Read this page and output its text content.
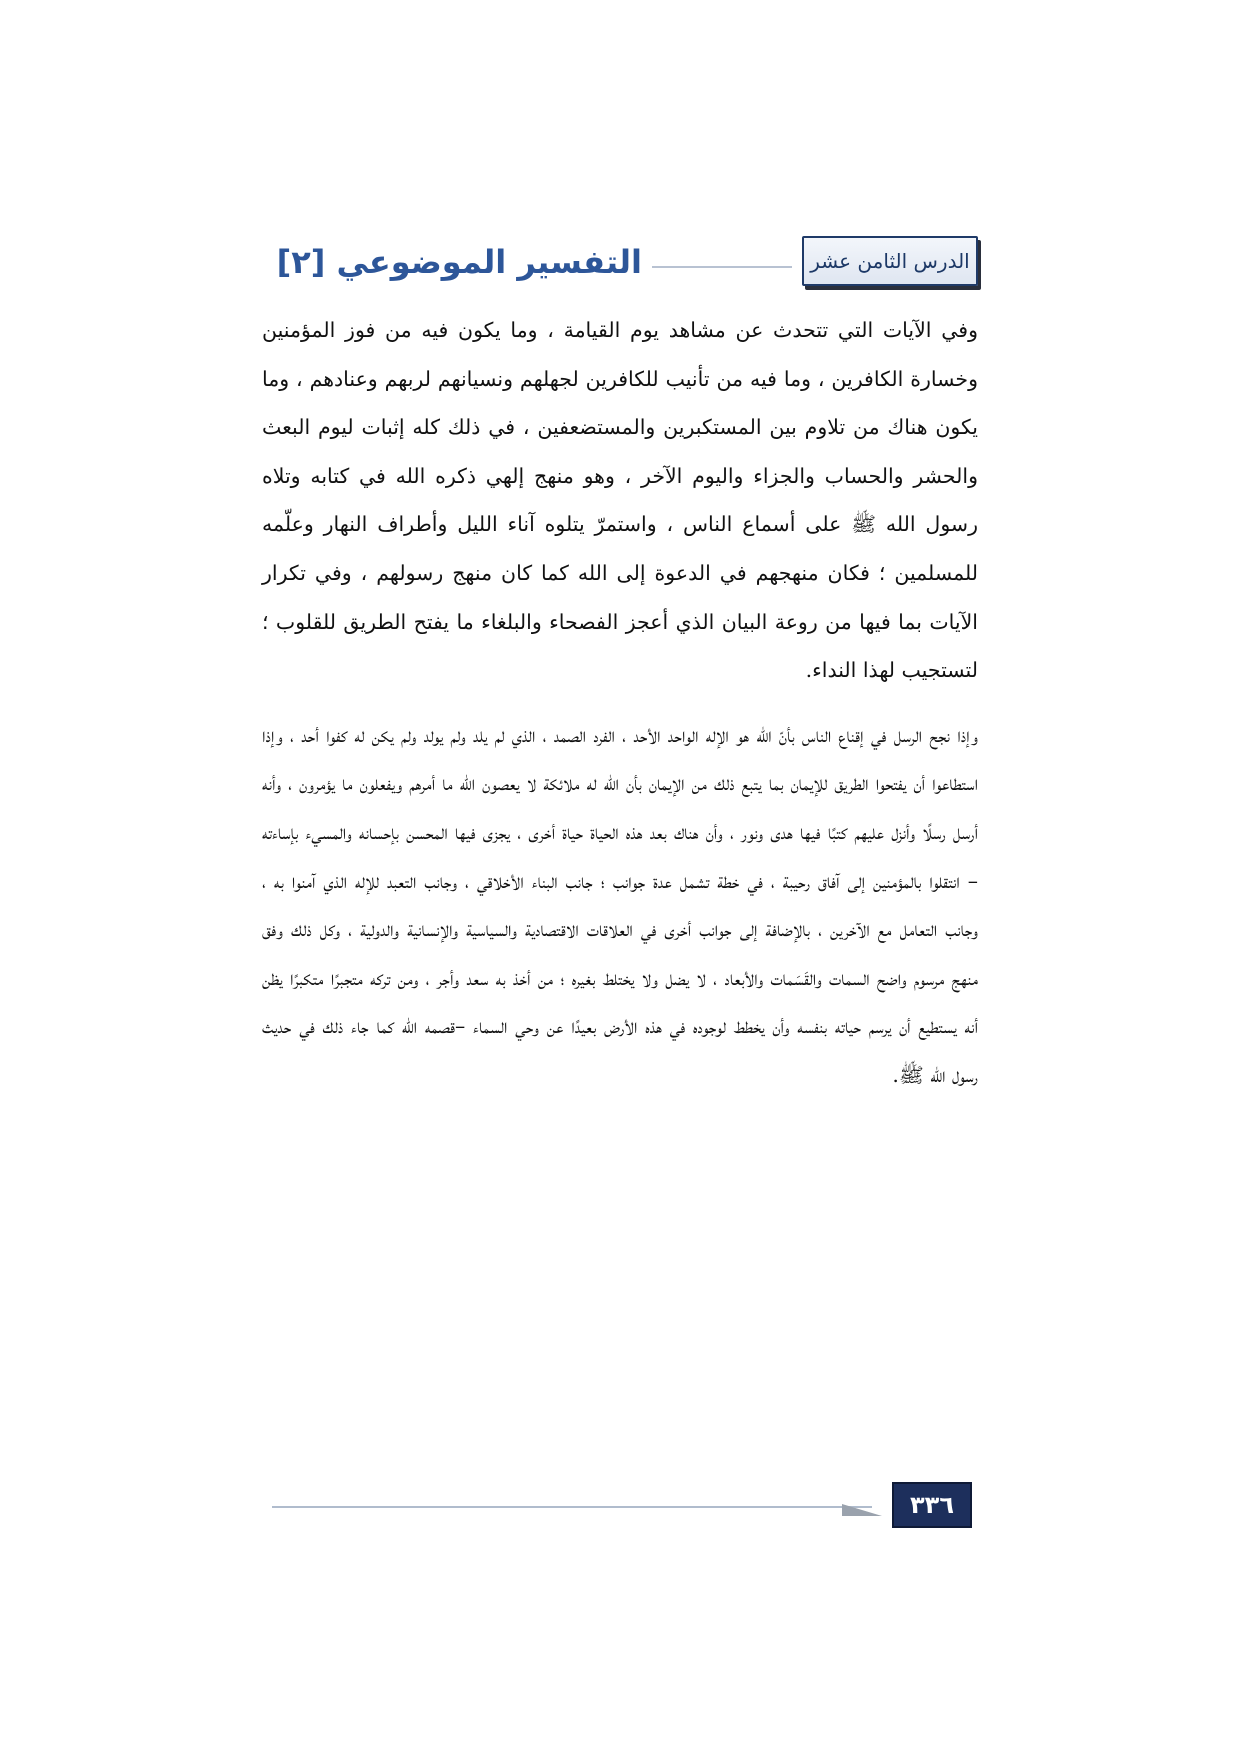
التفسير الموضوعي [٢]	الدرس الثامن عشر

وفي الآيات التي تتحدث عن مشاهد يوم القيامة ، وما يكون فيه من فوز المؤمنين وخسارة الكافرين ، وما فيه من تأنيب للكافرين لجهلهم ونسيانهم لربهم وعنادهم ، وما يكون هناك من تلاوم بين المستكبرين والمستضعفين ، في ذلك كله إثبات ليوم البعث والحشر والحساب والجزاء واليوم الآخر ، وهو منهج إلهي ذكره الله في كتابه وتلاه رسول الله ﷺ على أسماع الناس ، واستمرّ يتلوه آناء الليل وأطراف النهار وعلّمه للمسلمين ؛ فكان منهجهم في الدعوة إلى الله كما كان منهج رسولهم ، وفي تكرار الآيات بما فيها من روعة البيان الذي أعجز الفصحاء والبلغاء ما يفتح الطريق للقلوب ؛ لتستجيب لهذا النداء.

وإذا نجح الرسل في إقناع الناس بأنّ الله هو الإله الواحد الأحد ، الفرد الصمد ، الذي لم يلد ولم يولد ولم يكن له كفوا أحد ، وإذا استطاعوا أن يفتحوا الطريق للإيمان بما يتبع ذلك من الإيمان بأن الله له ملائكة لا يعصون الله ما أمرهم ويفعلون ما يؤمرون ، وأنه أرسل رسلًا وأنزل عليهم كتبًا فيها هدى ونور ، وأن هناك بعد هذه الحياة حياة أخرى ، يجزى فيها المحسن بإحسانه والمسيء بإساءته – انتقلوا بالمؤمنين إلى آفاق رحيبة ، في خطة تشمل عدة جوانب ؛ جانب البناء الأخلاقي ، وجانب التعبد للإله الذي آمنوا به ، وجانب التعامل مع الآخرين ، بالإضافة إلى جوانب أخرى في العلاقات الاقتصادية والسياسية والإنسانية والدولية ، وكل ذلك وفق منهج مرسوم واضح السمات والقَسَمات والأبعاد ، لا يضل ولا يختلط بغيره ؛ من أخذ به سعد وأجر ، ومن تركه متجبرًا متكبرًا يظن أنه يستطيع أن يرسم حياته بنفسه وأن يخطط لوجوده في هذه الأرض بعيدًا عن وحي السماء –قصمه الله كما جاء ذلك في حديث رسول الله ﷺ.

٣٣٦
